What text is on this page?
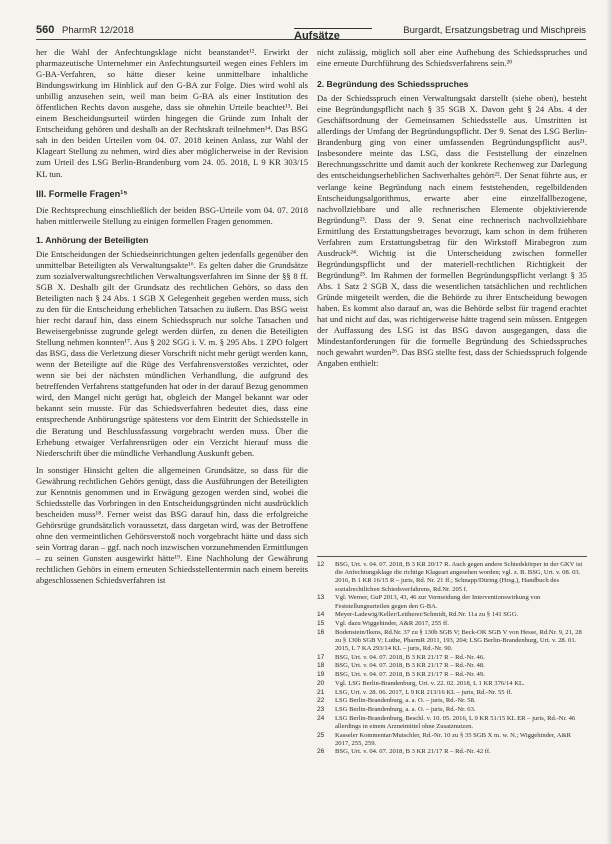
560 PharmR 12/2018	Aufsätze	Burgardt, Ersatzungsbetrag und Mischpreis

her die Wahl der Anfechtungsklage nicht beanstandet¹². Erwirkt der pharmazeutische Unternehmer ein Anfechtungsurteil wegen eines Fehlers im G-BA-Verfahren, so hätte dieser keine unmittelbare inhaltliche Bindungswirkung im Hinblick auf den G-BA zur Folge. Dies wird wohl als unbillig anzusehen sein, weil man beim G-BA als einer Institution des öffentlichen Rechts davon ausgehe, dass sie ohnehin Urteile beachtet¹³. Bei einem Bescheidungsurteil würden hingegen die Gründe zum Inhalt der Entscheidung gehören und deshalb an der Rechtskraft teilnehmen¹⁴. Das BSG sah in den beiden Urteilen vom 04. 07. 2018 keinen Anlass, zur Wahl der Klageart Stellung zu nehmen, wird dies aber möglicherweise in der Revision zum Urteil des LSG Berlin-Brandenburg vom 24. 05. 2018, L 9 KR 303/15 KL tun.

III. Formelle Fragen¹⁵

Die Rechtsprechung einschließlich der beiden BSG-Urteile vom 04. 07. 2018 haben mittlerweile Stellung zu einigen formellen Fragen genommen.

1. Anhörung der Beteiligten

Die Entscheidungen der Schiedseinrichtungen gelten jedenfalls gegenüber den unmittelbar Beteiligten als Verwaltungsakte¹⁶. Es gelten daher die Grundsätze zum sozialverwaltungsrechtlichen Verwaltungsverfahren im Sinne der §§ 8 ff. SGB X. Deshalb gilt der Grundsatz des rechtlichen Gehörs, so dass den Beteiligten nach § 24 Abs. 1 SGB X Gelegenheit gegeben werden muss, sich zu den für die Entscheidung erheblichen Tatsachen zu äußern. Das BSG weist hier recht darauf hin, dass einem Schiedsspruch nur solche Tatsachen und Beweisergebnisse zugrunde gelegt werden dürfen, zu denen die Beteiligten Stellung nehmen konnten¹⁷. Aus § 202 SGG i. V. m. § 295 Abs. 1 ZPO folgert das BSG, dass die Verletzung dieser Vorschrift nicht mehr gerügt werden kann, wenn der Beteiligte auf die Rüge des Verfahrensverstoßes verzichtet, oder wenn sie bei der nächsten mündlichen Verhandlung, die aufgrund des betreffenden Verfahrens stattgefunden hat oder in der darauf Bezug genommen wird, den Mangel nicht gerügt hat, obgleich der Mangel bekannt war oder bekannt sein musste. Für das Schiedsverfahren bedeutet dies, dass eine entsprechende Anhörungsrüge spätestens vor dem Eintritt der Schiedsstelle in die Beratung und Beschlussfassung vorgebracht werden muss. Über die Erhebung etwaiger Verfahrensrügen oder ein Verzicht hierauf muss die Niederschrift über die mündliche Verhandlung Auskunft geben.

In sonstiger Hinsicht gelten die allgemeinen Grundsätze, so dass für die Gewährung rechtlichen Gehörs genügt, dass die Ausführungen der Beteiligten zur Kenntnis genommen und in Erwägung gezogen werden sind, wobei die Schiedsstelle das Vorbringen in den Entscheidungsgründen nicht ausdrücklich bescheiden muss¹⁸. Ferner weist das BSG darauf hin, dass die erfolgreiche Gehörsrüge grundsätzlich voraussetzt, dass dargetan wird, was der Betroffene ohne den vermeintlichen Gehörsverstoß noch vorgebracht hätte und dass sich sein Vortrag daran – ggf. nach noch inzwischen vorzunehmenden Ermittlungen – zu seinen Gunsten ausgewirkt hätte¹⁹. Eine Nachholung der Gewährung rechtlichen Gehörs in einem erneuten Schiedsstellentermin nach einem bereits abgeschlossenen Schiedsverfahren ist

nicht zulässig, möglich soll aber eine Aufhebung des Schiedsspruches und eine erneute Durchführung des Schiedsverfahrens sein.²⁰

2. Begründung des Schiedsspruches

Da der Schiedsspruch einen Verwaltungsakt darstellt (siehe oben), besteht eine Begründungspflicht nach § 35 SGB X. Davon geht § 24 Abs. 4 der Geschäftsordnung der Gemeinsamen Schiedsstelle aus. Umstritten ist allerdings der Umfang der Begründungspflicht. Der 9. Senat des LSG Berlin-Brandenburg ging von einer umfassenden Begründungspflicht aus²¹. Insbesondere meinte das LSG, dass die Feststellung der einzelnen Berechnungsschritte und damit auch der konkrete Rechenweg zur Darlegung des entscheidungserheblichen Sachverhaltes gehört²². Der Senat führte aus, er verlange keine Begründung nach einem feststehenden, regelbildenden Entscheidungsalgorithmus, erwarte aber eine einzelfallbezogene, nachvollziehbare und alle rechnerischen Elemente objektivierende Begründung²³. Dass der 9. Senat eine rechnerisch nachvollziehbare Ermittlung des Erstattungsbetrages bevorzugt, kam schon in dem früheren Verfahren zum Erstattungsbetrag für den Wirkstoff Mirabegron zum Ausdruck²⁴. Wichtig ist die Unterscheidung zwischen formeller Begründungspflicht und der materiell-rechtlichen Richtigkeit der Begründung²⁵. Im Rahmen der formellen Begründungspflicht verlangt § 35 Abs. 1 Satz 2 SGB X, dass die wesentlichen tatsächlichen und rechtlichen Gründe mitgeteilt werden, die die Behörde zu ihrer Entscheidung bewogen haben. Es kommt also darauf an, was die Behörde selbst für tragend erachtet hat und nicht auf das, was richtigerweise hätte tragend sein müssen. Entgegen der Auffassung des LSG ist das BSG davon ausgegangen, dass die Mindestanforderungen für die formelle Begründung des Schiedsspruches noch gewahrt wurden²⁶. Das BSG stellte fest, dass der Schiedsspruch folgende Angaben enthielt:

12	BSG, Urt. v. 04. 07. 2018, B 3 KR 20/17 R. Auch gegen andere Schiedskörper in der GKV ist die Anfechtungsklage die richtige Klageart angesehen worden; vgl. z. B. BSG, Urt. v. 08. 03. 2016, B 1 KR 16/15 R – juris, Rd. Nr. 21 ff.; Schnapp/Düring (Hrsg.), Handbuch des sozialrechtlichen Schiedsverfahrens, Rd.Nr. 205 f.
13	Vgl. Werner, GuP 2013, 43, 46 zur Vermeidung der Interventionswirkung von Feststellungsurteilen gegen den G-BA.
14	Meyer-Ladewig/Keller/Leitherer/Schmidt, Rd.Nr. 11a zu § 141 SGG.
15	Vgl. dazu Wiggehinder, A&R 2017, 255 ff.
16	Bodenstein/Ikens, Rd.Nr. 37 zu § 130b SGB V; Beck-OK SGB V von Hesse, Rd.Nr. 9, 21, 28 zu § 130b SGB V; Luthe, PharmR 2011, 193, 204; LSG Berlin-Brandenburg, Urt. v. 28. 01. 2015, L 7 KA 293/14 KL – juris, Rd.-Nr. 90.
17	BSG, Urt. v. 04. 07. 2018, B 3 KR 21/17 R – Rd.-Nr. 46.
18	BSG, Urt. v. 04. 07. 2018, B 3 KR 21/17 R – Rd.-Nr. 48.
19	BSG, Urt. v. 04. 07. 2018, B 3 KR 21/17 R – Rd.-Nr. 49.
20	Vgl. LSG Berlin-Brandenburg, Urt. v. 22. 02. 2018, L 1 KR 376/14 KL.
21	LSG, Urt. v. 28. 06. 2017, L 9 KR 213/16 KL – juris, Rd.-Nr. 55 ff.
22	LSG Berlin-Brandenburg, a. a. O. – juris, Rd.-Nr. 58.
23	LSG Berlin-Brandenburg, a. a. O. – juris, Rd.-Nr. 63.
24	LSG Berlin-Brandenburg, Beschl. v. 10. 05. 2016, L 9 KR 51/15 KL ER – juris, Rd.-Nr. 46 allerdings in einem Arzneimittel ohne Zusatznutzen.
25	Kasseler Kommentar/Mutschler, Rd.-Nr. 10 zu § 35 SGB X m. w. N.; Wiggehinder, A&R 2017, 255, 259.
26	BSG, Urt. v. 04. 07. 2018, B 3 KR 21/17 R – Rd.-Nr. 42 ff.
